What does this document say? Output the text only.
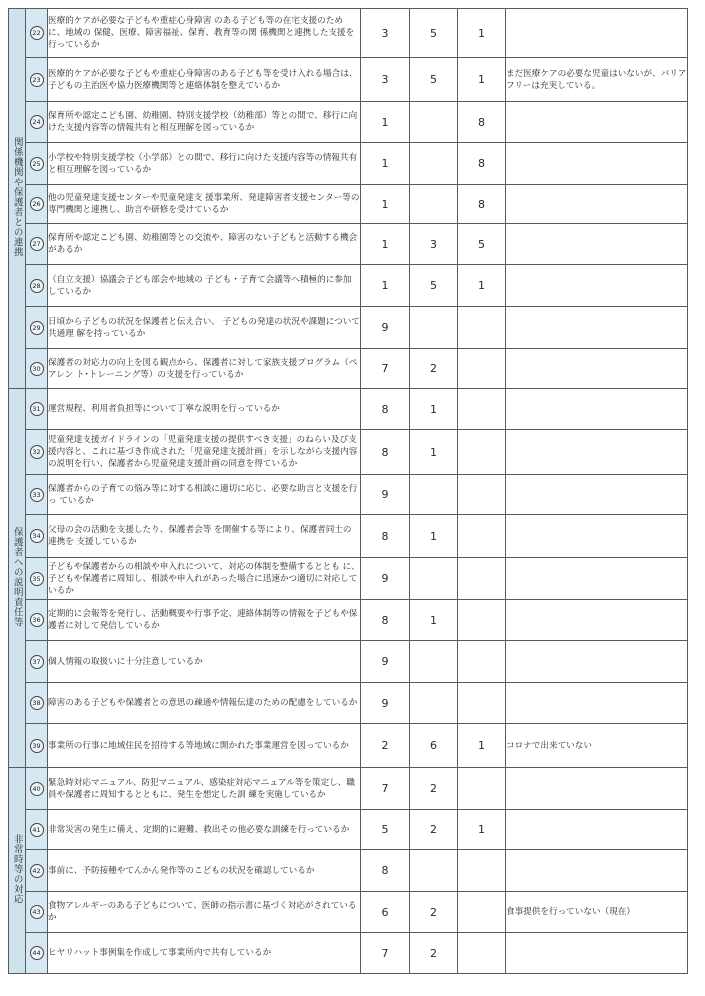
関係機関や保護者との連携	22	医療的ケアが必要な子どもや重症心身障害 のある子ども等の在宅支援のために、地域の 保健、医療、障害福祉、保育、教育等の関 係機関と連携した支援を行っているか	3	5	1	
	23	医療的ケアが必要な子どもや重症心身障害のある子ども等を受け入れる場合は、子どもの主治医や協力医療機関等と連絡体制を整えているか	3	5	1	まだ医療ケアの必要な児童はいないが、バリアフリーは充実している。
	24	保育所や認定こども園、幼稚園、特別支援学校（幼稚部）等との間で、移行に向けた支援内容等の情報共有と相互理解を図っているか	1		8	
	25	小学校や特別支援学校（小学部）との間で、移行に向けた支援内容等の情報共有と相互理解を図っているか	1		8	
	26	他の児童発達支援センターや児童発達支 援事業所、発達障害者支援センター等の専門機関と連携し、助言や研修を受けているか	1		8	
	27	保育所や認定こども園、幼稚園等との交流や、障害のない子どもと活動する機会があるか	1	3	5	
	28	（自立支援）協議会子ども部会や地域の 子ども・子育て会議等へ積極的に参加しているか	1	5	1	
	29	日頃から子どもの状況を保護者と伝え合い、 子どもの発達の状況や課題について共通理 解を持っているか	9			
	30	保護者の対応力の向上を図る観点から、保護者に対して家族支援プログラム（ペアレン ト･トレーニング等）の支援を行っているか	7	2		
保護者への説明責任等	31	運営規程、利用者負担等について丁寧な説明を行っているか	8	1		
	32	児童発達支援ガイドラインの「児童発達支援の提供すべき支援」のねらい及び支援内容と、これに基づき作成された「児童発達支援計画」を示しながら支援内容の説明を行い、保護者から児童発達支援計画の同意を得ているか	8	1		
	33	保護者からの子育ての悩み等に対する相談に適切に応じ、必要な助言と支援を行っ ているか	9			
	34	父母の会の活動を支援したり、保護者会等 を開催する等により、保護者同士の連携を 支援しているか	8	1		
	35	子どもや保護者からの相談や申入れについて、対応の体制を整備するととも に、子どもや保護者に周知し、相談や申入れがあった場合に迅速かつ適切に対応しているか	9			
	36	定期的に会報等を発行し、活動概要や行事予定、連絡体制等の情報を子どもや保護者に対して発信しているか	8	1		
	37	個人情報の取扱いに十分注意しているか	9			
	38	障害のある子どもや保護者との意思の疎通や情報伝達のための配慮をしているか	9			
	39	事業所の行事に地域住民を招待する等地域に開かれた事業運営を図っているか	2	6	1	コロナで出来ていない
非常時等の対応	40	緊急時対応マニュアル、防犯マニュアル、感染症対応マニュアル等を策定し、職員や保護者に周知するとともに、発生を想定した訓 練を実施しているか	7	2		
	41	非常災害の発生に備え、定期的に避難、救出その他必要な訓練を行っているか	5	2	1	
	42	事前に、予防接種やてんかん発作等のこどもの状況を確認しているか	8			
	43	食物アレルギーのある子どもについて、医師の指示書に基づく対応がされているか	6	2		食事提供を行っていない（現在）
	44	ヒヤリハット事例集を作成して事業所内で共有しているか	7	2		
